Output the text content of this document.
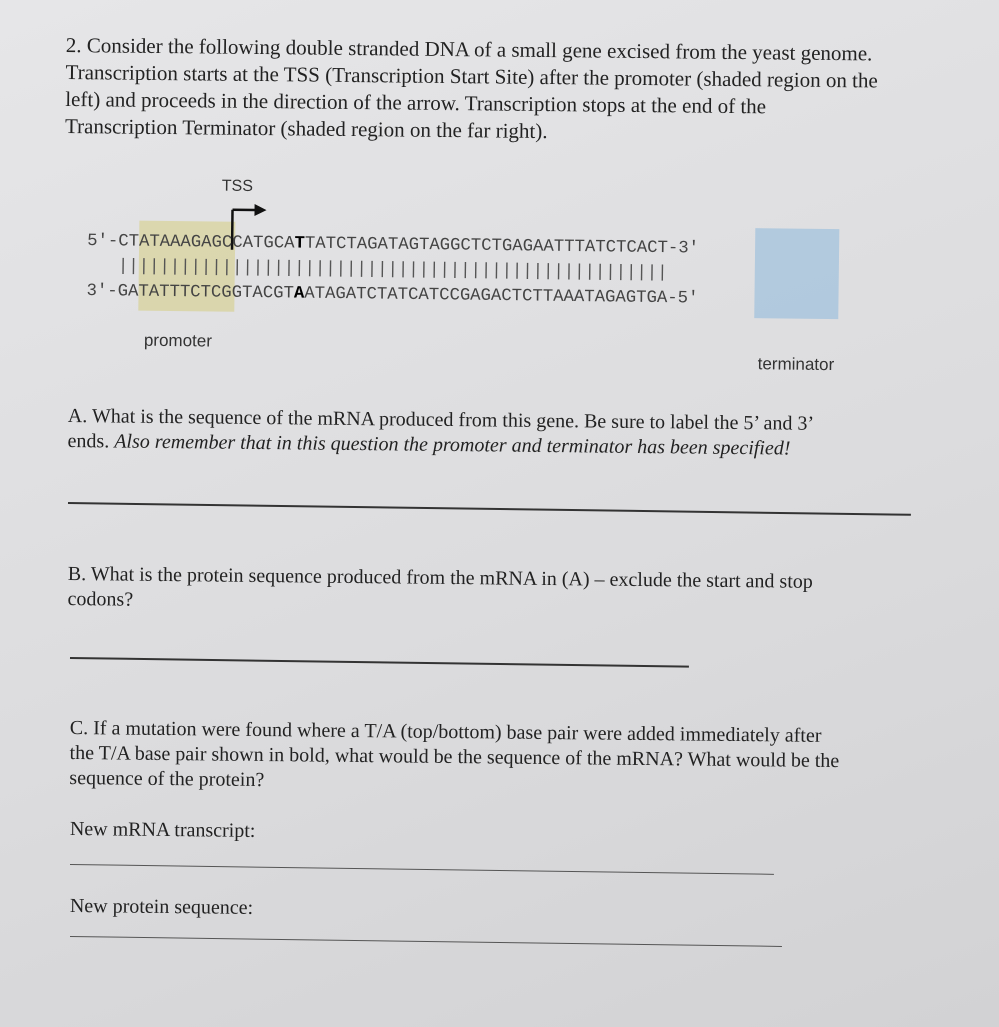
2. Consider the following double stranded DNA of a small gene excised from the yeast genome.

Transcription starts at the TSS (Transcription Start Site) after the promoter (shaded region on the

left) and proceeds in the direction of the arrow. Transcription stops at the end of the

Transcription Terminator (shaded region on the far right).

TSS
5'-CTATAAAGAGCCATGCATTATCTAGATAGTAGGCTCTGAGAATTTATCTCACT-3'
|||||||||||||||||||||||||||||||||||||||||||||||||||||
3'-GATATTTCTCGGTACGTAATAGATCTATCATCCGAGACTCTTAAATAGAGTGA-5'
promoter
terminator

A. What is the sequence of the mRNA produced from this gene. Be sure to label the 5’ and 3’

ends. Also remember that in this question the promoter and terminator has been specified!

B. What is the protein sequence produced from the mRNA in (A) – exclude the start and stop

codons?

C. If a mutation were found where a T/A (top/bottom) base pair were added immediately after

the T/A base pair shown in bold, what would be the sequence of the mRNA? What would be the

sequence of the protein?

New mRNA transcript:
New protein sequence:
